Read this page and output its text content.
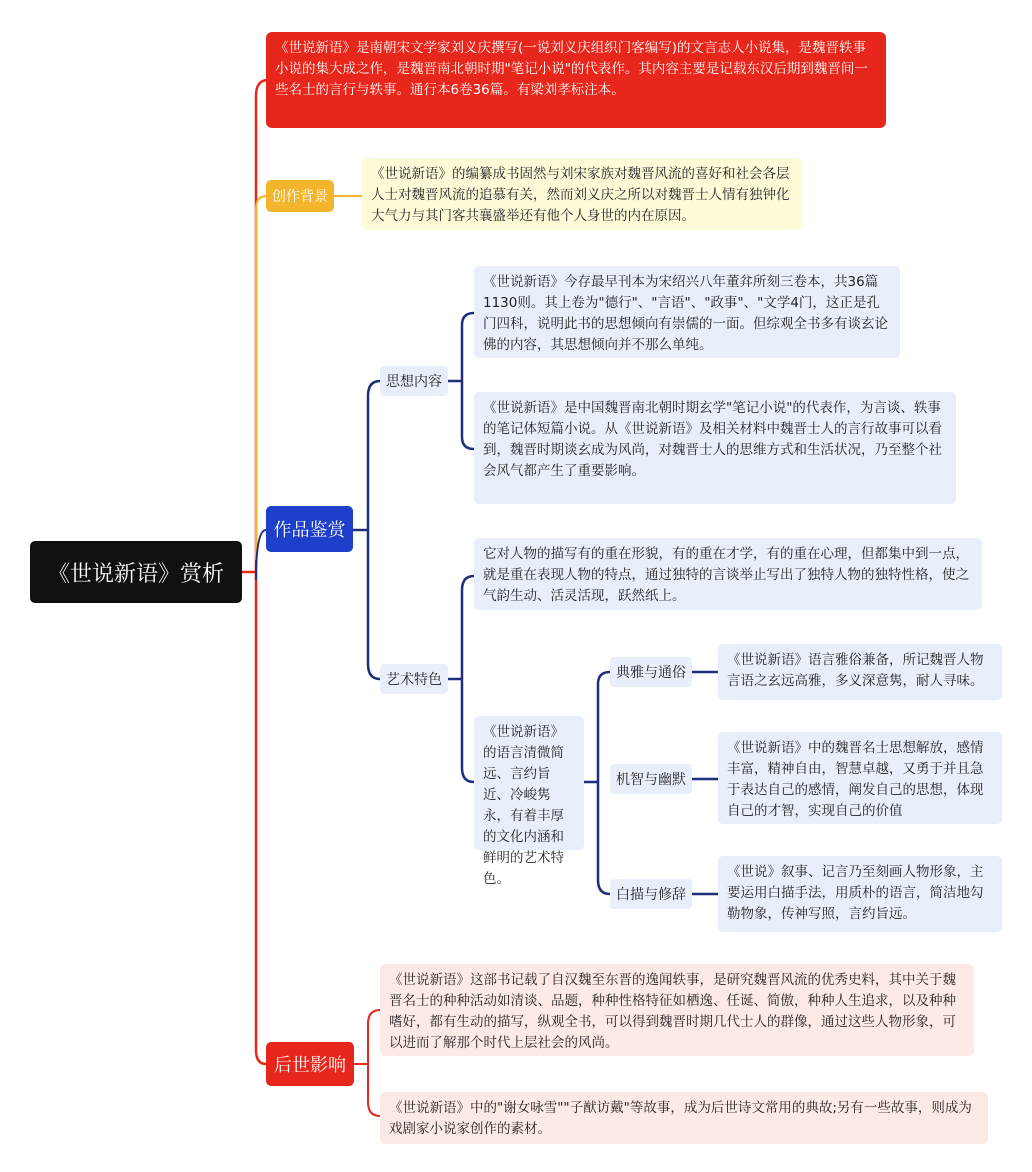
《世说新语》赏析
《世说新语》是南朝宋文学家刘义庆撰写(一说刘义庆组织门客编写)的文言志人小说集，是魏晋轶事小说的集大成之作，是魏晋南北朝时期"笔记小说"的代表作。其内容主要是记载东汉后期到魏晋间一些名士的言行与轶事。通行本6卷36篇。有梁刘孝标注本。
创作背景
《世说新语》的编纂成书固然与刘宋家族对魏晋风流的喜好和社会各层人士对魏晋风流的追慕有关，然而刘义庆之所以对魏晋士人情有独钟化大气力与其门客共襄盛举还有他个人身世的内在原因。
作品鉴赏
思想内容
《世说新语》今存最早刊本为宋绍兴八年董弅所刻三卷本，共36篇1130则。其上卷为"德行"、"言语"、"政事"、"文学4门，这正是孔门四科，说明此书的思想倾向有崇儒的一面。但综观全书多有谈玄论佛的内容，其思想倾向并不那么单纯。
《世说新语》是中国魏晋南北朝时期玄学"笔记小说"的代表作，为言谈、轶事的笔记体短篇小说。从《世说新语》及相关材料中魏晋士人的言行故事可以看到，魏晋时期谈玄成为风尚，对魏晋士人的思维方式和生活状况，乃至整个社会风气都产生了重要影响。
艺术特色
它对人物的描写有的重在形貌，有的重在才学，有的重在心理，但都集中到一点，就是重在表现人物的特点，通过独特的言谈举止写出了独特人物的独特性格，使之气韵生动、活灵活现，跃然纸上。
《世说新语》的语言清微简远、言约旨近、冷峻隽永，有着丰厚的文化内涵和鲜明的艺术特色。
典雅与通俗
《世说新语》语言雅俗兼备，所记魏晋人物言语之玄远高雅，多义深意隽，耐人寻味。
机智与幽默
《世说新语》中的魏晋名士思想解放，感情丰富，精神自由，智慧卓越，又勇于并且急于表达自己的感情，阐发自己的思想，体现自己的才智，实现自己的价值
白描与修辞
《世说》叙事、记言乃至刻画人物形象，主要运用白描手法，用质朴的语言，简洁地勾勒物象，传神写照，言约旨远。
后世影响
《世说新语》这部书记载了自汉魏至东晋的逸闻轶事，是研究魏晋风流的优秀史料，其中关于魏晋名士的种种活动如清谈、品题，种种性格特征如栖逸、任诞、简傲，种种人生追求，以及种种嗜好，都有生动的描写，纵观全书，可以得到魏晋时期几代士人的群像，通过这些人物形象，可以进而了解那个时代上层社会的风尚。
《世说新语》中的"谢女咏雪""子猷访戴"等故事，成为后世诗文常用的典故;另有一些故事，则成为戏剧家小说家创作的素材。
